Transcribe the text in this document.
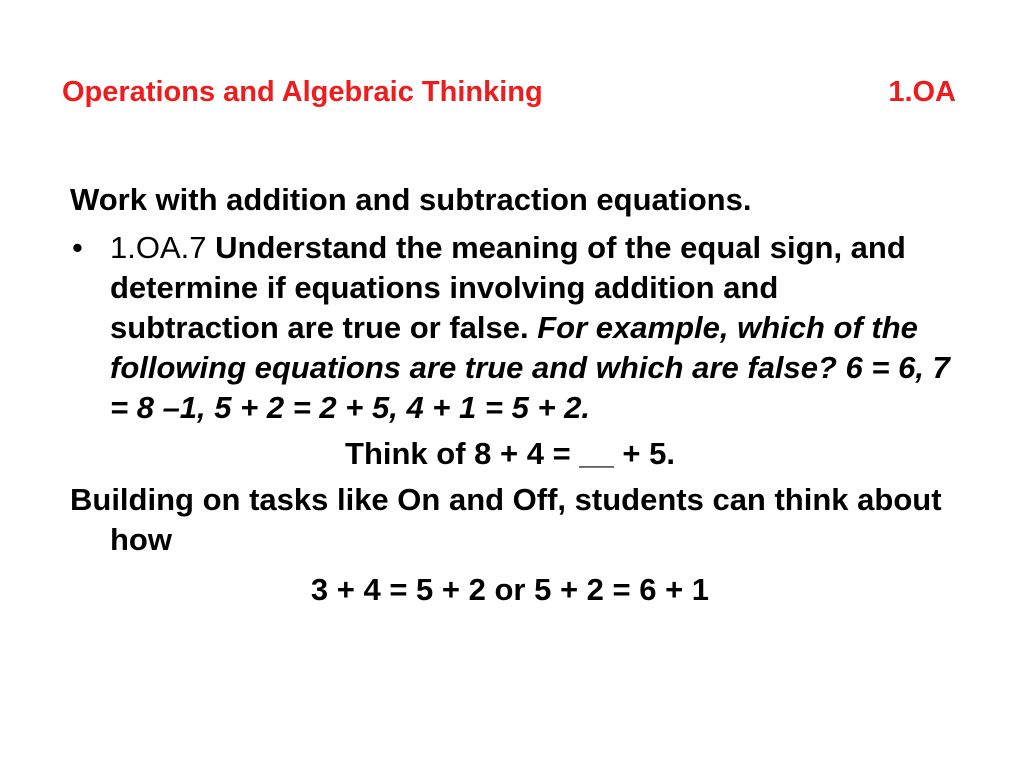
Operations and Algebraic Thinking	1.OA

Work with addition and subtraction equations.

• 1.OA.7 Understand the meaning of the equal sign, and determine if equations involving addition and subtraction are true or false. For example, which of the following equations are true and which are false? 6 = 6, 7 = 8 –1, 5 + 2 = 2 + 5, 4 + 1 = 5 + 2.

Think of 8 + 4 = __ + 5.

Building on tasks like On and Off, students can think about how

3 + 4 = 5 + 2 or 5 + 2 = 6 + 1
